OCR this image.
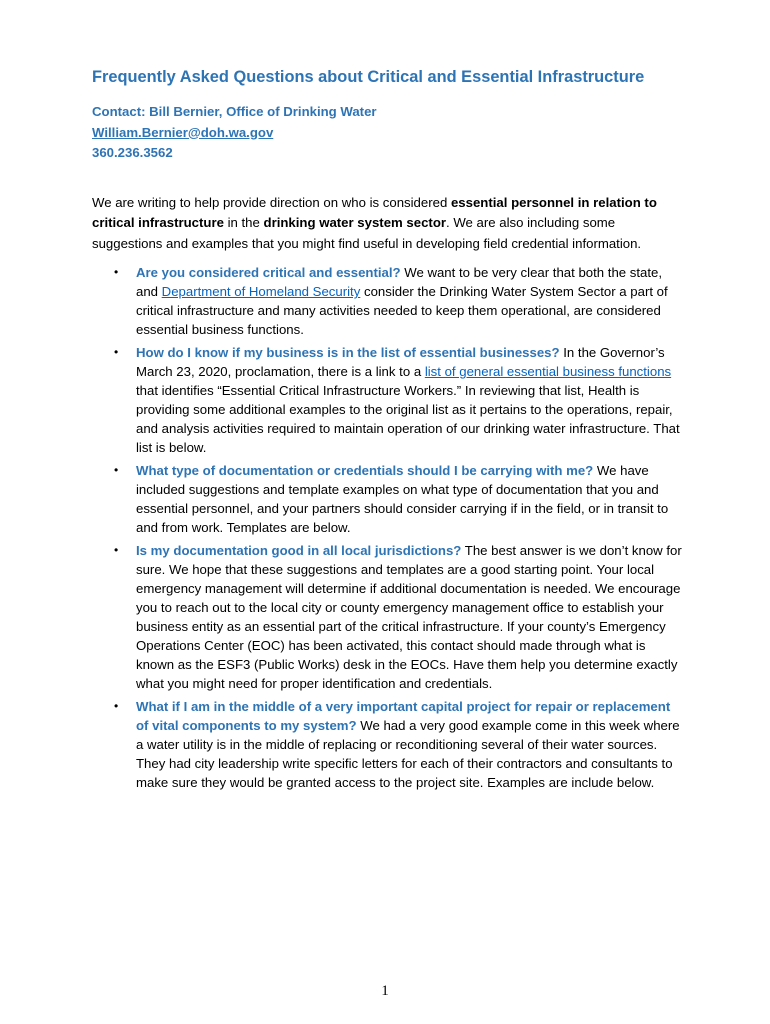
Frequently Asked Questions about Critical and Essential Infrastructure
Contact: Bill Bernier, Office of Drinking Water
William.Bernier@doh.wa.gov
360.236.3562

We are writing to help provide direction on who is considered essential personnel in relation to critical infrastructure in the drinking water system sector. We are also including some suggestions and examples that you might find useful in developing field credential information.

• Are you considered critical and essential? We want to be very clear that both the state, and Department of Homeland Security consider the Drinking Water System Sector a part of critical infrastructure and many activities needed to keep them operational, are considered essential business functions.
• How do I know if my business is in the list of essential businesses? In the Governor’s March 23, 2020, proclamation, there is a link to a list of general essential business functions that identifies “Essential Critical Infrastructure Workers.” In reviewing that list, Health is providing some additional examples to the original list as it pertains to the operations, repair, and analysis activities required to maintain operation of our drinking water infrastructure. That list is below.
• What type of documentation or credentials should I be carrying with me? We have included suggestions and template examples on what type of documentation that you and essential personnel, and your partners should consider carrying if in the field, or in transit to and from work. Templates are below.
• Is my documentation good in all local jurisdictions? The best answer is we don’t know for sure. We hope that these suggestions and templates are a good starting point. Your local emergency management will determine if additional documentation is needed. We encourage you to reach out to the local city or county emergency management office to establish your business entity as an essential part of the critical infrastructure. If your county’s Emergency Operations Center (EOC) has been activated, this contact should made through what is known as the ESF3 (Public Works) desk in the EOCs. Have them help you determine exactly what you might need for proper identification and credentials.
• What if I am in the middle of a very important capital project for repair or replacement of vital components to my system? We had a very good example come in this week where a water utility is in the middle of replacing or reconditioning several of their water sources. They had city leadership write specific letters for each of their contractors and consultants to make sure they would be granted access to the project site. Examples are include below.
1
